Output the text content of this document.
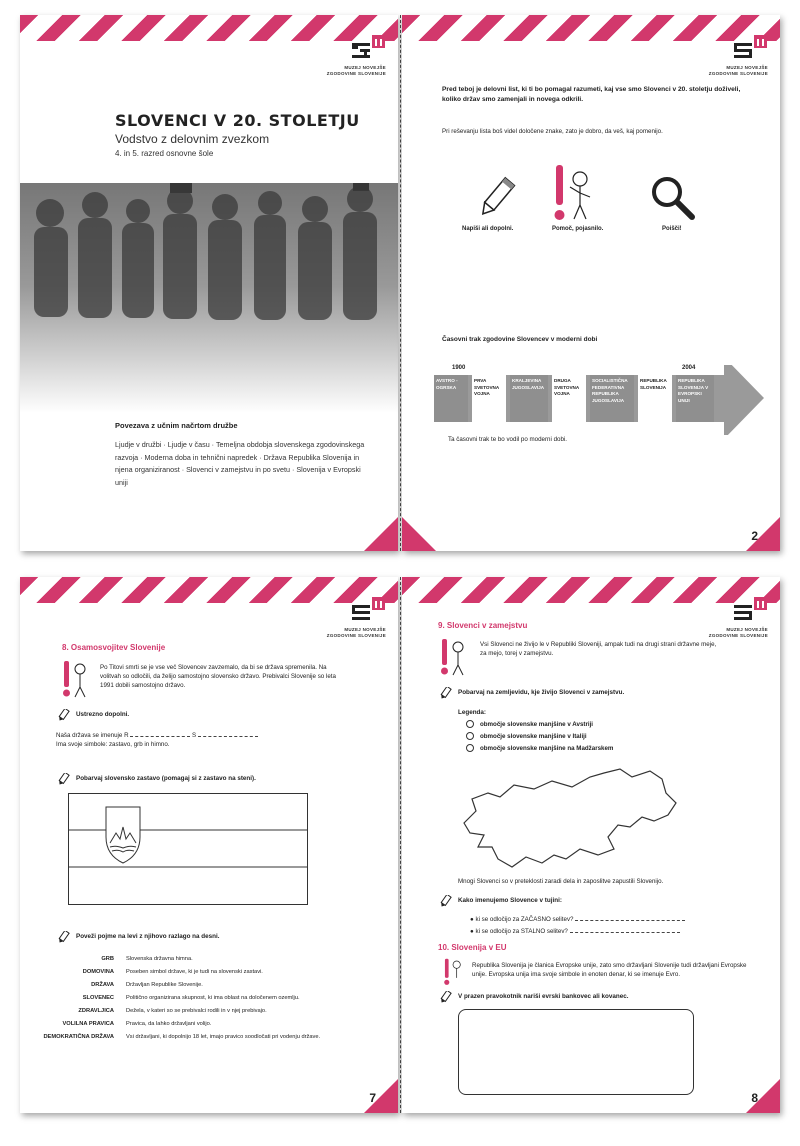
MUZEJ NOVEJŠE
ZGODOVINE SLOVENIJE
SLOVENCI V 20. STOLETJU
Vodstvo z delovnim zvezkom
4. in 5. razred osnovne šole
Povezava z učnim načrtom družbe
Ljudje v družbi · Ljudje v času · Temeljna obdobja slovenskega zgodovinskega razvoja · Moderna doba in tehnični napredek · Država Republika Slovenija in njena organiziranost · Slovenci v zamejstvu in po svetu · Slovenija v Evropski uniji
MUZEJ NOVEJŠE
ZGODOVINE SLOVENIJE
Pred teboj je delovni list, ki ti bo pomagal razumeti, kaj vse smo Slovenci v 20. stoletju doživeli, koliko držav smo zamenjali in novega odkrili.
Pri reševanju lista boš videl določene znake, zato je dobro, da veš, kaj pomenijo.
Napiši ali dopolni.	Pomoč, pojasnilo.	Poišči!
Časovni trak zgodovine Slovencev v moderni dobi
1900	2004
AVSTRO - OGRSKA
PRVA SVETOVNA VOJNA
KRALJEVINA JUGOSLAVIJA
DRUGA SVETOVNA VOJNA
SOCIALISTIČNA FEDERATIVNA REPUBLIKA JUGOSLAVIJA
REPUBLIKA SLOVENIJA
REPUBLIKA SLOVENIJA V EVROPSKI UNIJI
Ta časovni trak te bo vodil po moderni dobi.
2
MUZEJ NOVEJŠE
ZGODOVINE SLOVENIJE
8. Osamosvojitev Slovenije
Po Titovi smrti se je vse več Slovencev zavzemalo, da bi se država spremenila. Na volitvah so odločili, da želijo samostojno slovensko državo. Prebivalci Slovenije so leta 1991 dobili samostojno državo.
Ustrezno dopolni.
Naša država se imenuje R	S
Ima svoje simbole: zastavo, grb in himno.
Pobarvaj slovensko zastavo (pomagaj si z zastavo na steni).
Poveži pojme na levi z njihovo razlago na desni.
GRB	Slovenska državna himna.
DOMOVINA	Poseben simbol države, ki je tudi na slovenski zastavi.
DRŽAVA	Državljan Republike Slovenije.
SLOVENEC	Politično organizirana skupnost, ki ima oblast na določenem ozemlju.
ZDRAVLJICA	Dežela, v kateri so se prebivalci rodili in v njej prebivajo.
VOLILNA PRAVICA	Pravica, da lahko državljani volijo.
DEMOKRATIČNA DRŽAVA	Vsi državljani, ki dopolnijo 18 let, imajo pravico soodločati pri vodenju države.
7
MUZEJ NOVEJŠE
ZGODOVINE SLOVENIJE
9. Slovenci v zamejstvu
Vsi Slovenci ne živijo le v Republiki Sloveniji, ampak tudi na drugi strani državne meje, za mejo, torej v zamejstvu.
Pobarvaj na zemljevidu, kje živijo Slovenci v zamejstvu.
Legenda:
območje slovenske manjšine v Avstriji
območje slovenske manjšine v Italiji
območje slovenske manjšine na Madžarskem
Mnogi Slovenci so v preteklosti zaradi dela in zaposlitve zapustili Slovenijo.
Kako imenujemo Slovence v tujini:
● ki se odločijo za ZAČASNO selitev?
● ki se odločijo za STALNO selitev?
10. Slovenija v EU
Republika Slovenija je članica Evropske unije, zato smo državljani Slovenije tudi državljani Evropske unije. Evropska unija ima svoje simbole in enoten denar, ki se imenuje Evro.
V prazen pravokotnik nariši evrski bankovec ali kovanec.
8
